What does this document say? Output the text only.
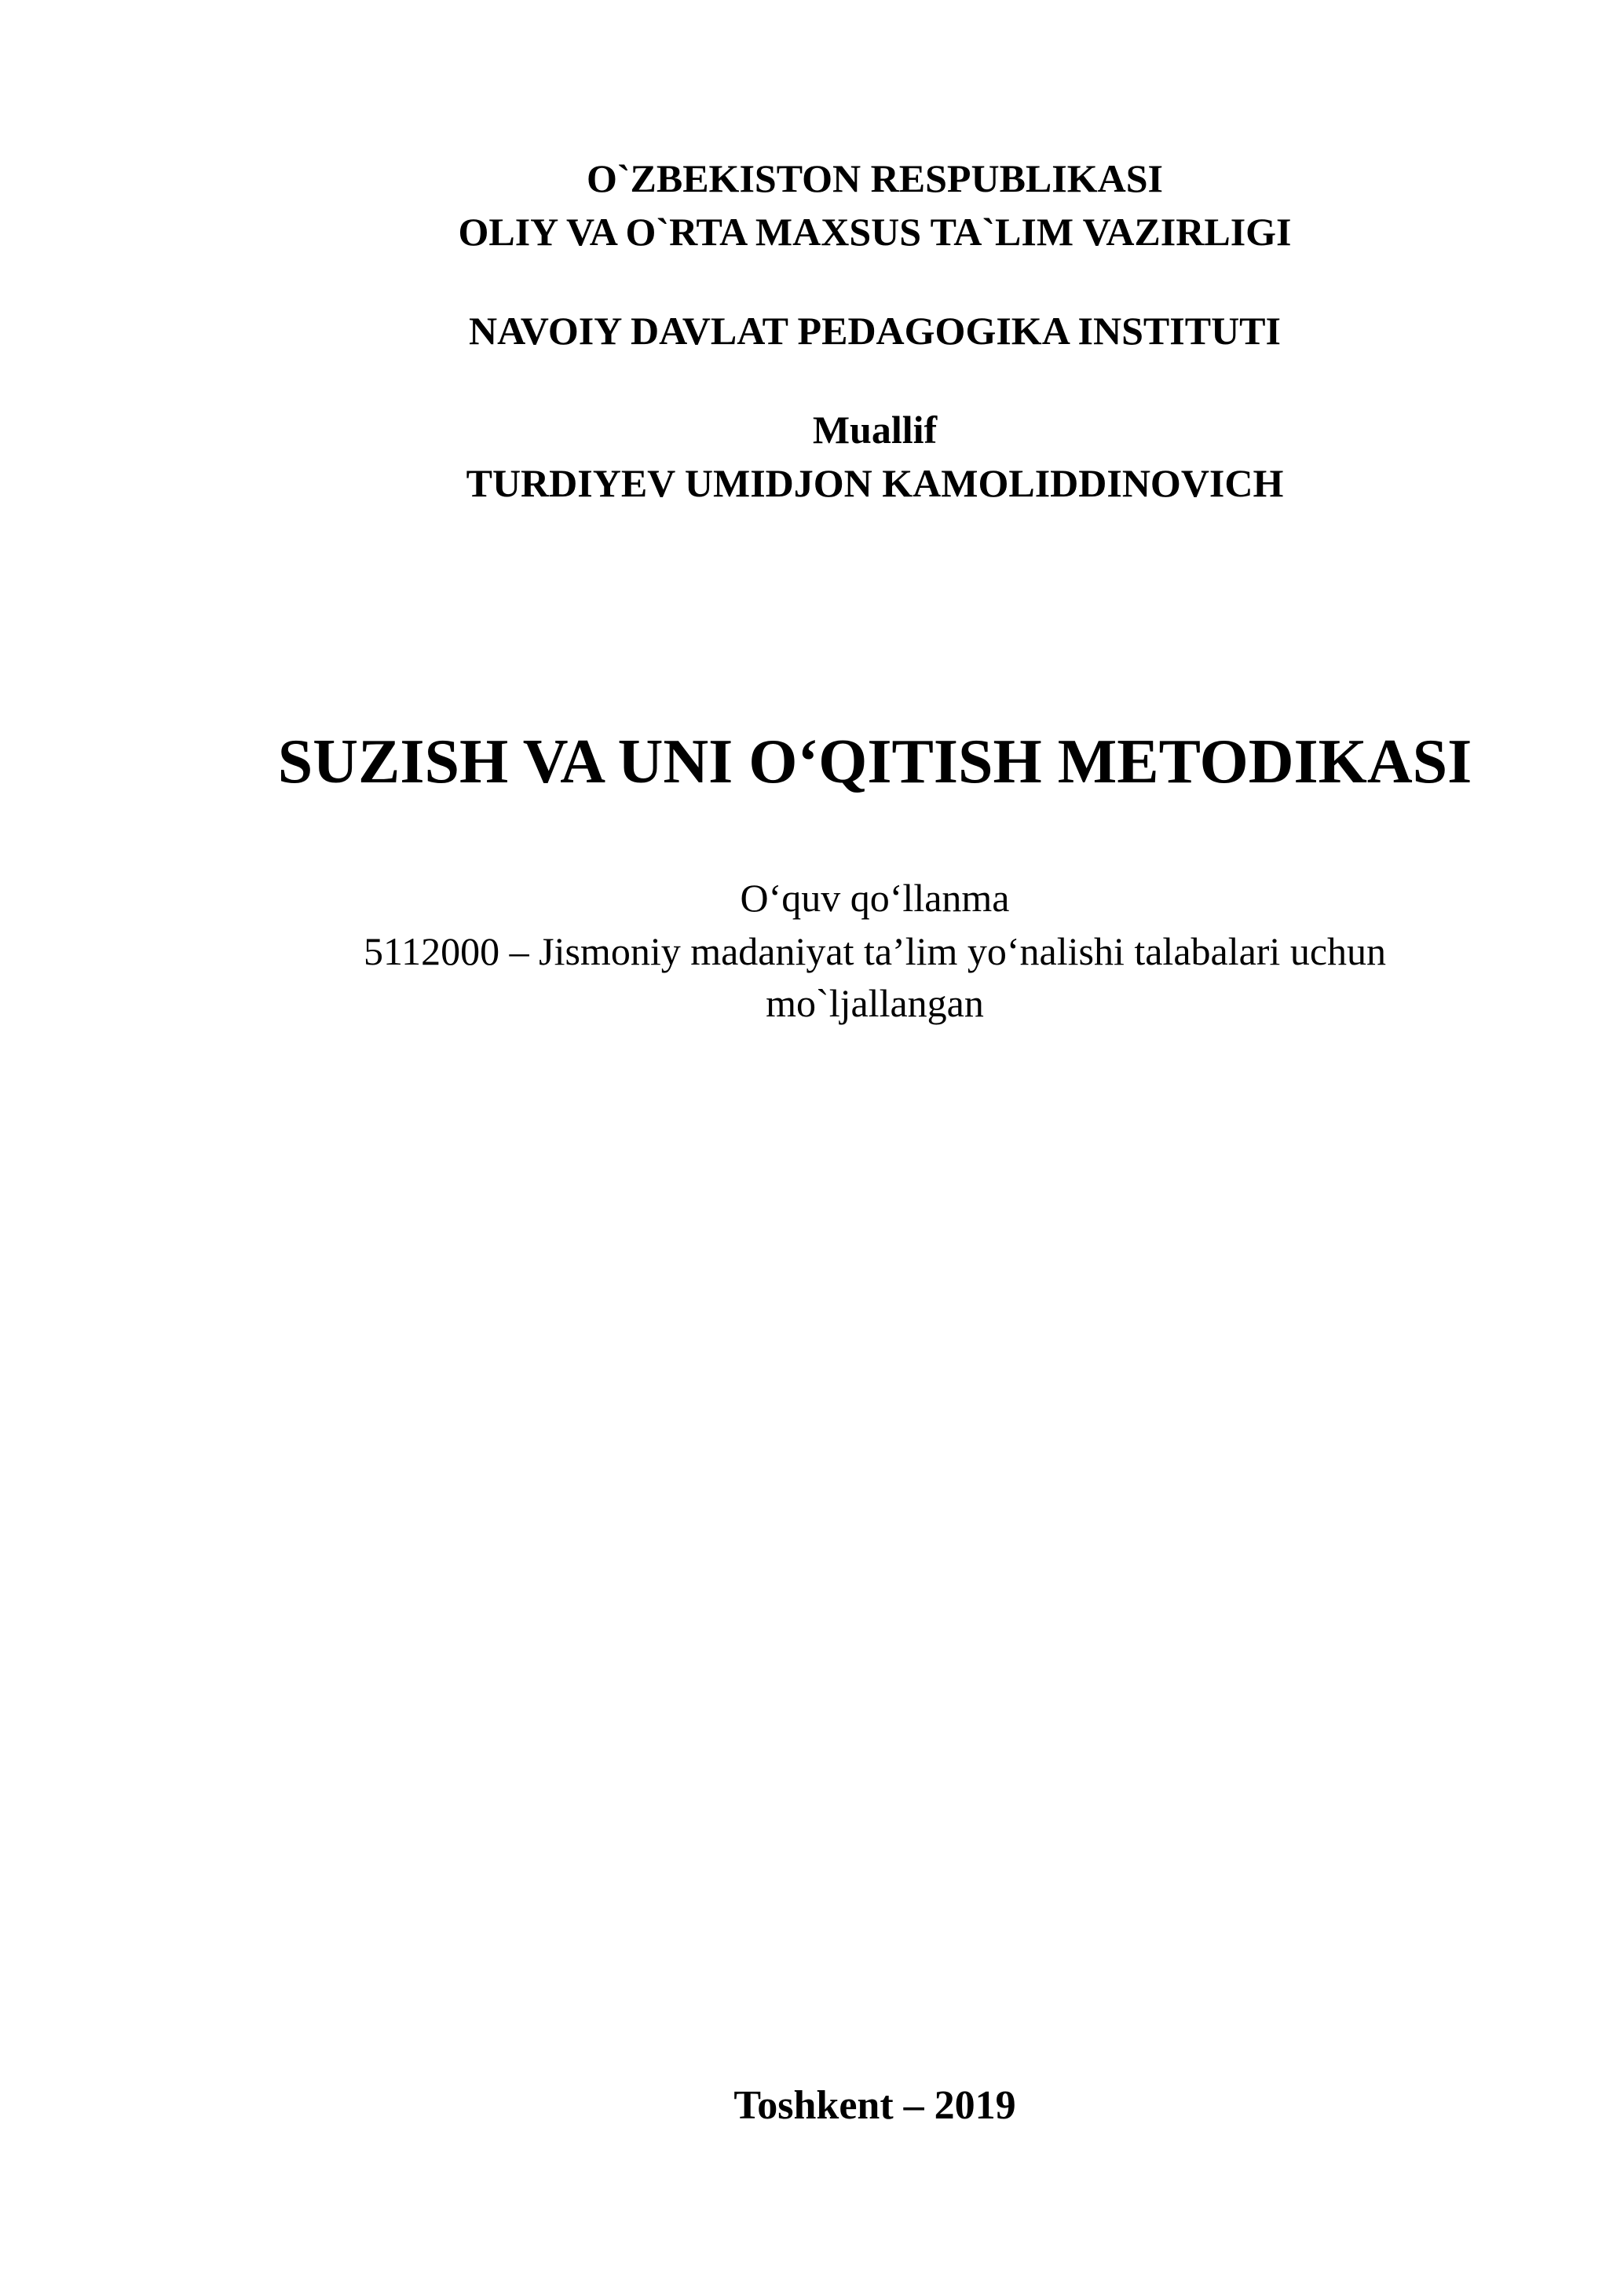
O`ZBEKISTON RESPUBLIKASI
OLIY VA O`RTA MAXSUS TA`LIM VAZIRLIGI
NAVOIY DAVLAT PEDAGOGIKA INSTITUTI
Muallif
TURDIYEV UMIDJON KAMOLIDDINOVICH
SUZISH VA UNI O‘QITISH METODIKASI
O‘quv qo‘llanma
5112000 – Jismoniy madaniyat ta’lim yo‘nalishi talabalari uchun
mo`ljallangan
Toshkent – 2019
